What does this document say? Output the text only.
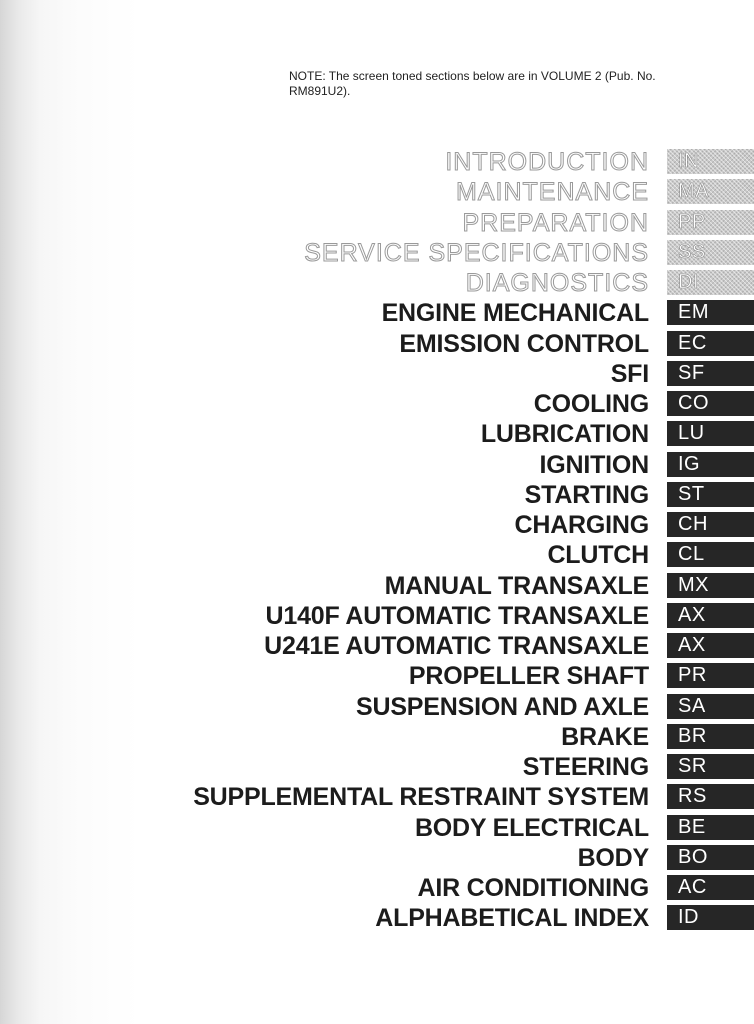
NOTE: The screen toned sections below are in VOLUME 2 (Pub. No. RM891U2).
INTRODUCTION	IN
MAINTENANCE	MA
PREPARATION	PP
SERVICE SPECIFICATIONS	SS
DIAGNOSTICS	DI
ENGINE MECHANICAL	EM
EMISSION CONTROL	EC
SFI	SF
COOLING	CO
LUBRICATION	LU
IGNITION	IG
STARTING	ST
CHARGING	CH
CLUTCH	CL
MANUAL TRANSAXLE	MX
U140F AUTOMATIC TRANSAXLE	AX
U241E AUTOMATIC TRANSAXLE	AX
PROPELLER SHAFT	PR
SUSPENSION AND AXLE	SA
BRAKE	BR
STEERING	SR
SUPPLEMENTAL RESTRAINT SYSTEM	RS
BODY ELECTRICAL	BE
BODY	BO
AIR CONDITIONING	AC
ALPHABETICAL INDEX	ID
